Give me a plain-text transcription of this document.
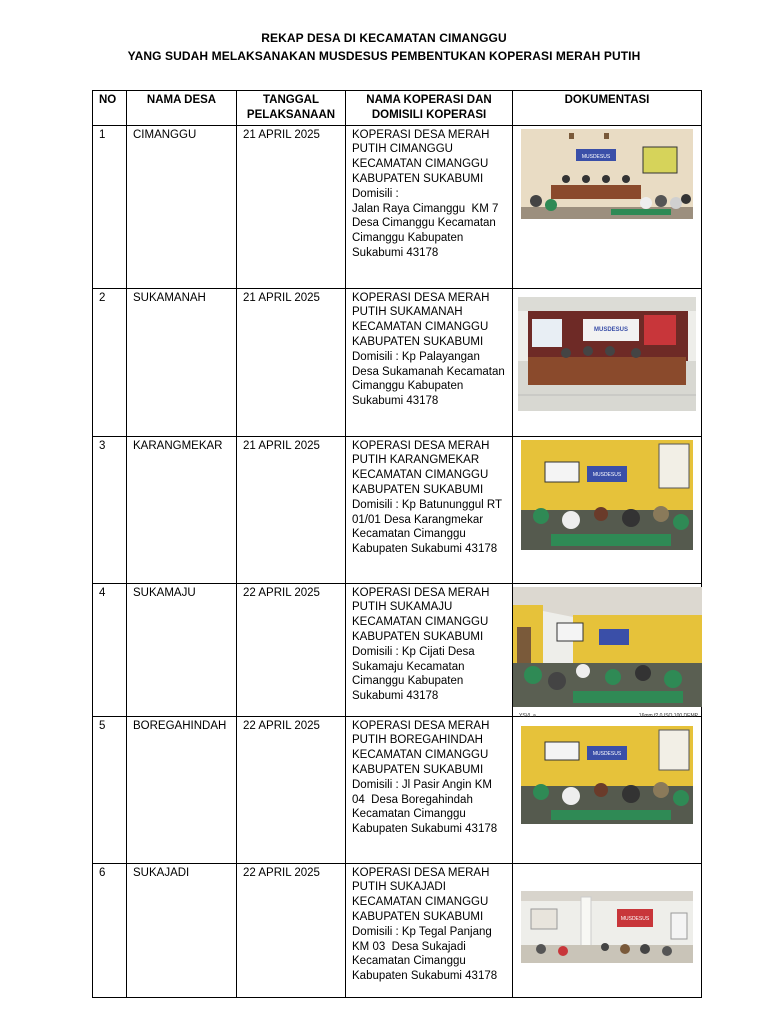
REKAP DESA DI KECAMATAN CIMANGGU
YANG SUDAH MELAKSANAKAN MUSDESUS PEMBENTUKAN KOPERASI MERAH PUTIH
NO	NAMA DESA	TANGGAL PELAKSANAAN	NAMA KOPERASI DAN DOMISILI KOPERASI	DOKUMENTASI
1	CIMANGGU	21 APRIL 2025	KOPERASI DESA MERAH PUTIH CIMANGGU KECAMATAN CIMANGGU KABUPATEN SUKABUMI
Domisili :
Jalan Raya Cimanggu  KM 7 Desa Cimanggu Kecamatan Cimanggu Kabupaten Sukabumi 43178	MUSDESUS

2	SUKAMANAH	21 APRIL 2025	KOPERASI DESA MERAH PUTIH SUKAMANAH KECAMATAN CIMANGGU KABUPATEN SUKABUMI
Domisili : Kp Palayangan Desa Sukamanah Kecamatan Cimanggu Kabupaten Sukabumi 43178	MUSDESUS

3	KARANGMEKAR	21 APRIL 2025	KOPERASI DESA MERAH PUTIH KARANGMEKAR KECAMATAN CIMANGGU KABUPATEN SUKABUMI
Domisili : Kp Batununggul RT 01/01 Desa Karangmekar Kecamatan Cimanggu Kabupaten Sukabumi 43178	MUSDESUS

4	SUKAMAJU	22 APRIL 2025	KOPERASI DESA MERAH PUTIH SUKAMAJU KECAMATAN CIMANGGU KABUPATEN SUKABUMI
Domisili : Kp Cijati Desa Sukamaju Kecamatan Cimanggu Kabupaten Sukabumi 43178	YSVL a 16mm f2.0 ISO 100 DEMP

5	BOREGAHINDAH	22 APRIL 2025	KOPERASI DESA MERAH PUTIH BOREGAHINDAH KECAMATAN CIMANGGU KABUPATEN SUKABUMI
Domisili : Jl Pasir Angin KM 04  Desa Boregahindah Kecamatan Cimanggu Kabupaten Sukabumi 43178	MUSDESUS

6	SUKAJADI	22 APRIL 2025	KOPERASI DESA MERAH PUTIH SUKAJADI KECAMATAN CIMANGGU KABUPATEN SUKABUMI
Domisili : Kp Tegal Panjang KM 03  Desa Sukajadi Kecamatan Cimanggu Kabupaten Sukabumi 43178	MUSDESUS
